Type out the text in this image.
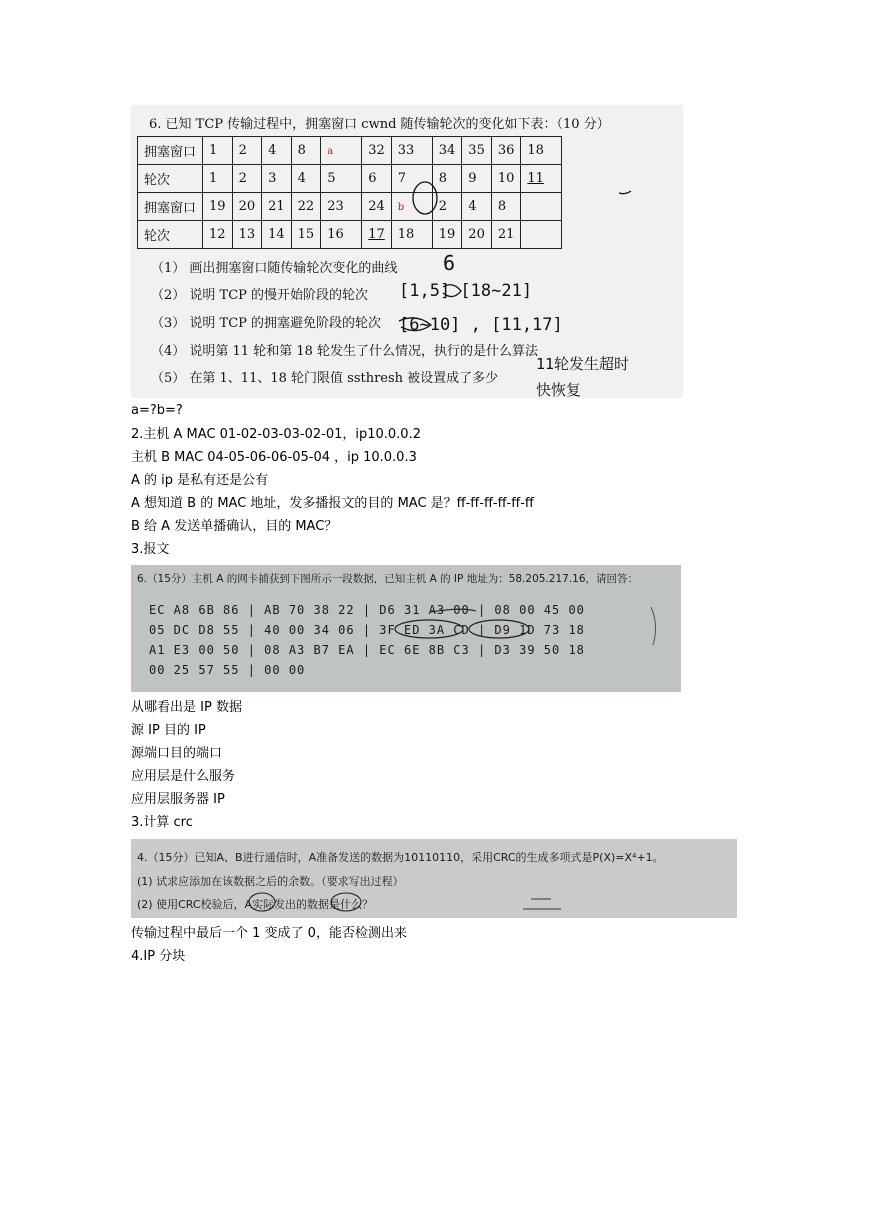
6. 已知 TCP 传输过程中，拥塞窗口 cwnd 随传输轮次的变化如下表：（10 分）
拥塞窗口	1	2	4	8	a	32	33	34	35	36	18
轮次	1	2	3	4	5	6	7	8	9	10	11
拥塞窗口	19	20	21	22	23	24	b	2	4	8	
轮次	12	13	14	15	16	17	18	19	20	21	
（1） 画出拥塞窗口随传输轮次变化的曲线
（2） 说明 TCP 的慢开始阶段的轮次
（3） 说明 TCP 的拥塞避免阶段的轮次
（4） 说明第 11 轮和第 18 轮发生了什么情况，执行的是什么算法
（5） 在第 1、11、18 轮门限值 ssthresh 被设置成了多少
6
[1,5] [18~21]
[6~10] , [11,17]
11轮发生超时
快恢复
a=?b=?
2.主机 A MAC 01-02-03-03-02-01，ip10.0.0.2
主机 B MAC 04-05-06-06-05-04 ，ip 10.0.0.3
A 的 ip 是私有还是公有
A 想知道 B 的 MAC 地址，发多播报文的目的 MAC 是？ff-ff-ff-ff-ff-ff
B 给 A 发送单播确认，目的 MAC？
3.报文
6.（15分）主机 A 的网卡捕获到下图所示一段数据，已知主机 A 的 IP 地址为：58.205.217.16，请回答：
EC A8 6B 86 | AB 70 38 22 | D6 31 A3 00 | 08 00 45 00
05 DC D8 55 | 40 00 34 06 | 3F ED 3A CD | D9 1D 73 18
A1 E3 00 50 | 08 A3 B7 EA | EC 6E 8B C3 | D3 39 50 18
00 25 57 55 | 00 00
从哪看出是 IP 数据
源 IP 目的 IP
源端口目的端口
应用层是什么服务
应用层服务器 IP
3.计算 crc
4.（15分）已知A、B进行通信时，A准备发送的数据为10110110，采用CRC的生成多项式是P(X)=X⁴+1。
(1) 试求应添加在该数据之后的余数。（要求写出过程）
(2) 使用CRC校验后，A实际发出的数据是什么？
传输过程中最后一个 1 变成了 0，能否检测出来
4.IP 分块
